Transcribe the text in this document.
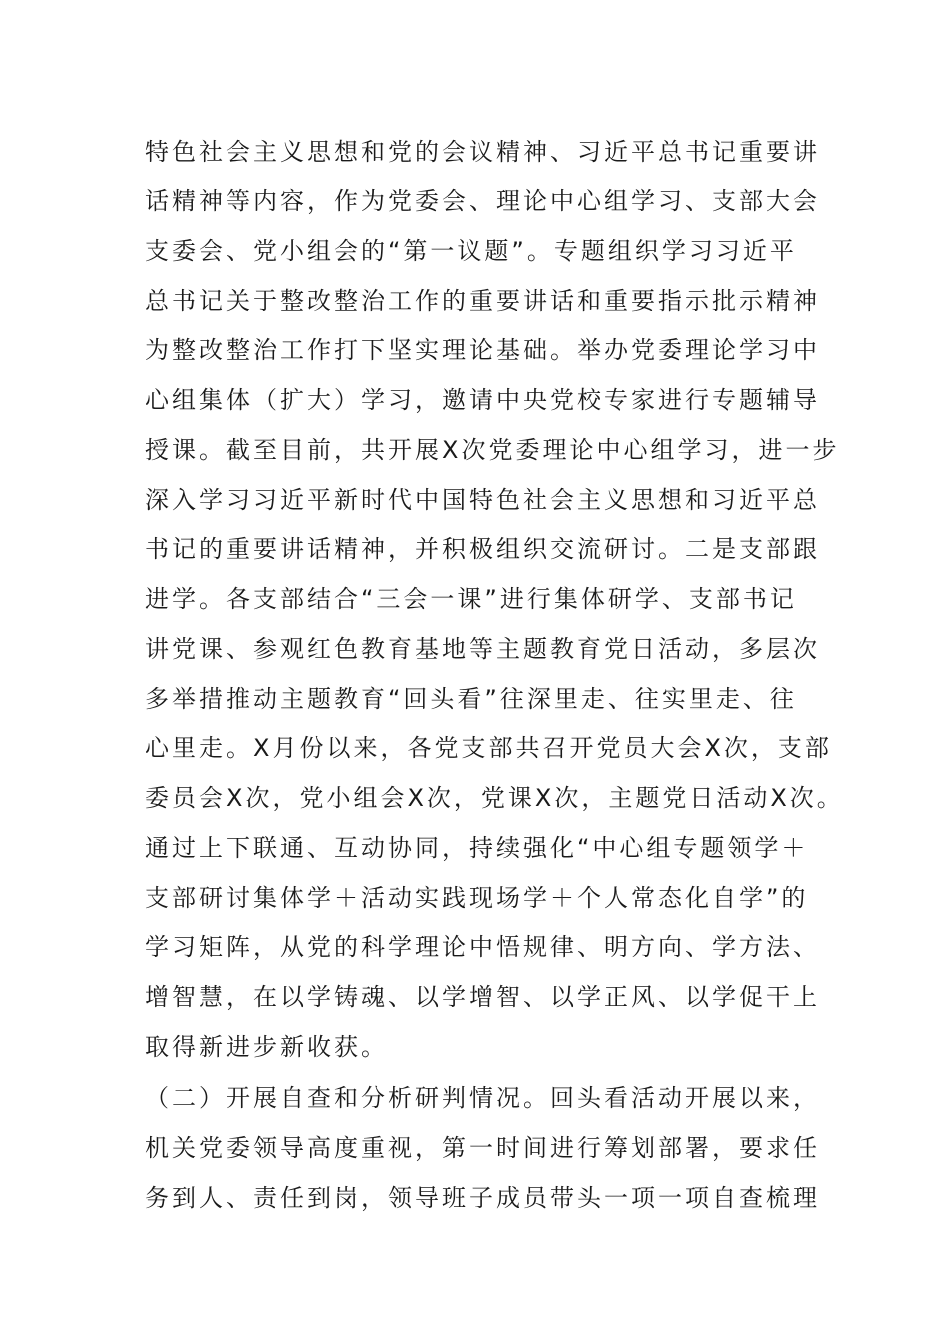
特色社会主义思想和党的会议精神、习近平总书记重要讲
话精神等内容，作为党委会、理论中心组学习、支部大会
支委会、党小组会的“第一议题”。专题组织学习习近平
总书记关于整改整治工作的重要讲话和重要指示批示精神
为整改整治工作打下坚实理论基础。举办党委理论学习中
心组集体（扩大）学习，邀请中央党校专家进行专题辅导
授课。截至目前，共开展X次党委理论中心组学习，进一步
深入学习习近平新时代中国特色社会主义思想和习近平总
书记的重要讲话精神，并积极组织交流研讨。二是支部跟
进学。各支部结合“三会一课”进行集体研学、支部书记
讲党课、参观红色教育基地等主题教育党日活动，多层次
多举措推动主题教育“回头看”往深里走、往实里走、往
心里走。X月份以来，各党支部共召开党员大会X次，支部
委员会X次，党小组会X次，党课X次，主题党日活动X次。
通过上下联通、互动协同，持续强化“中心组专题领学＋
支部研讨集体学＋活动实践现场学＋个人常态化自学”的
学习矩阵，从党的科学理论中悟规律、明方向、学方法、
增智慧，在以学铸魂、以学增智、以学正风、以学促干上
取得新进步新收获。
（二）开展自查和分析研判情况。回头看活动开展以来，
机关党委领导高度重视，第一时间进行筹划部署，要求任
务到人、责任到岗，领导班子成员带头一项一项自查梳理
